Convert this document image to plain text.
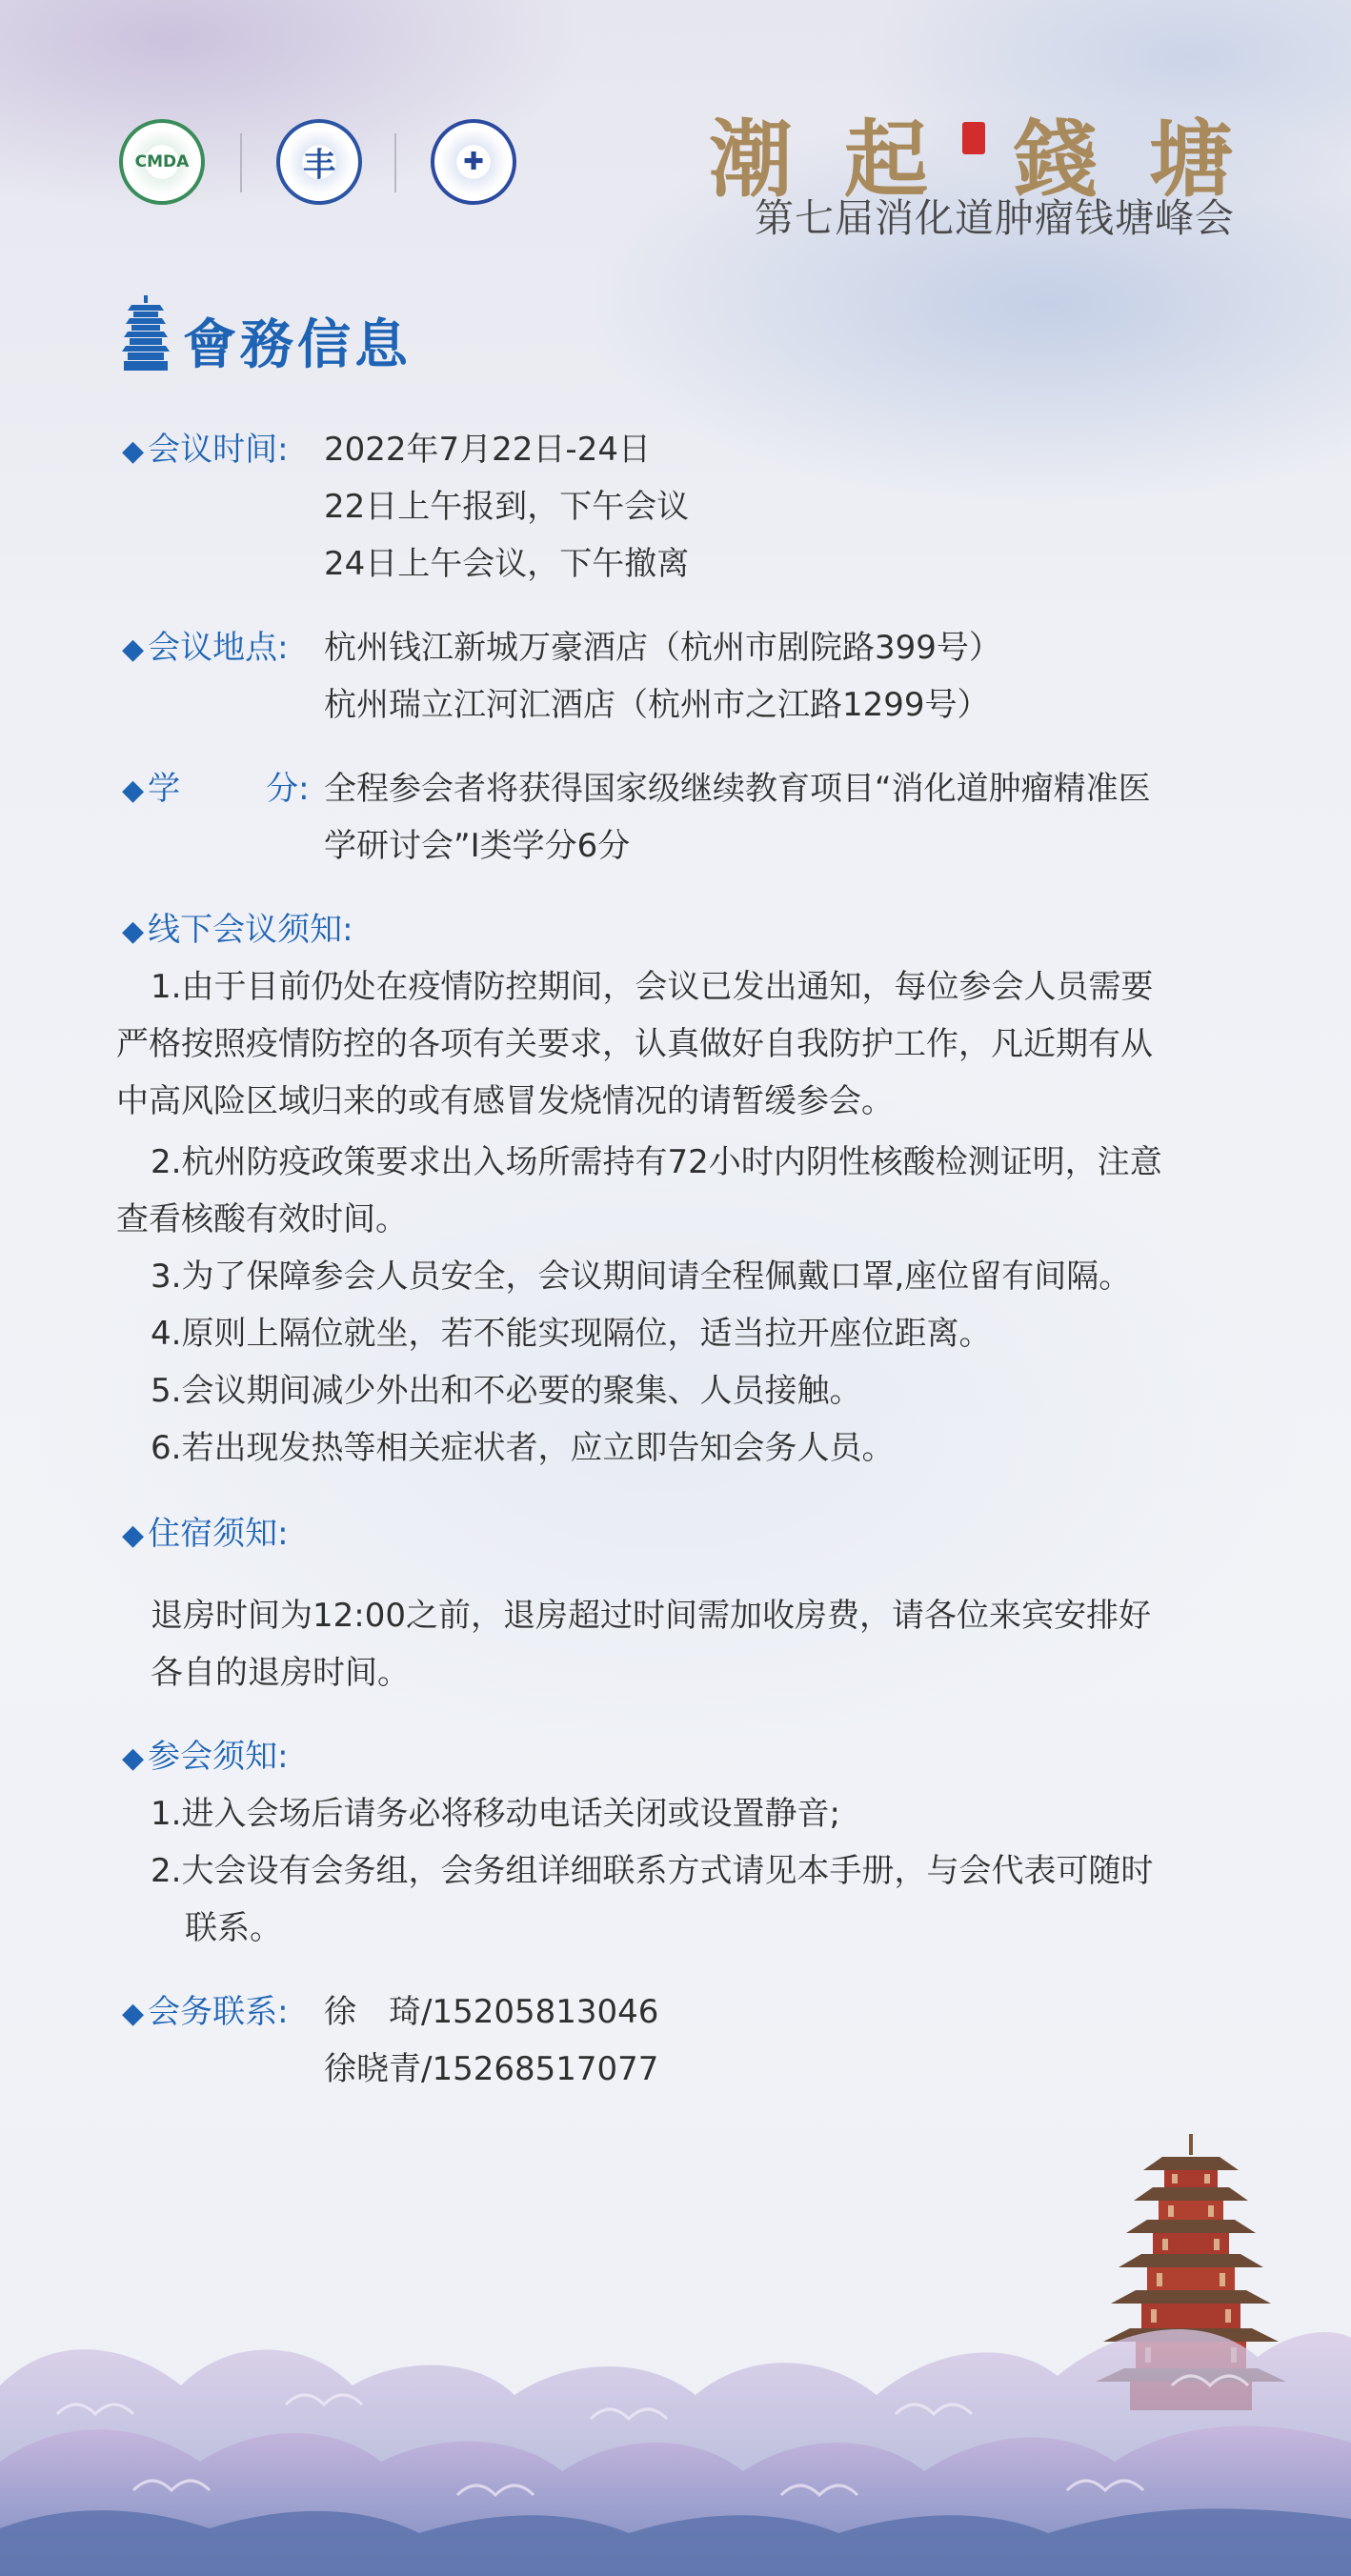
CMDA	丰	✚	潮 起 錢 塘
第七届消化道肿瘤钱塘峰会
會務信息
◆ 会议时间: 2022年7月22日-24日
22日上午报到，下午会议
24日上午会议，下午撤离
◆ 会议地点: 杭州钱江新城万豪酒店（杭州市剧院路399号）
杭州瑞立江河汇酒店（杭州市之江路1299号）
◆ 学	分: 全程参会者将获得国家级继续教育项目“消化道肿瘤精准医
学研讨会”I类学分6分
◆ 线下会议须知:
1.由于目前仍处在疫情防控期间，会议已发出通知，每位参会人员需要
严格按照疫情防控的各项有关要求，认真做好自我防护工作，凡近期有从
中高风险区域归来的或有感冒发烧情况的请暂缓参会。
2.杭州防疫政策要求出入场所需持有72小时内阴性核酸检测证明，注意
查看核酸有效时间。
3.为了保障参会人员安全，会议期间请全程佩戴口罩,座位留有间隔。
4.原则上隔位就坐，若不能实现隔位，适当拉开座位距离。
5.会议期间减少外出和不必要的聚集、人员接触。
6.若出现发热等相关症状者，应立即告知会务人员。
◆ 住宿须知:
退房时间为12:00之前，退房超过时间需加收房费，请各位来宾安排好
各自的退房时间。
◆ 参会须知:
1.进入会场后请务必将移动电话关闭或设置静音;
2.大会设有会务组，会务组详细联系方式请见本手册，与会代表可随时
联系。
◆ 会务联系: 徐　琦/15205813046
徐晓青/15268517077
